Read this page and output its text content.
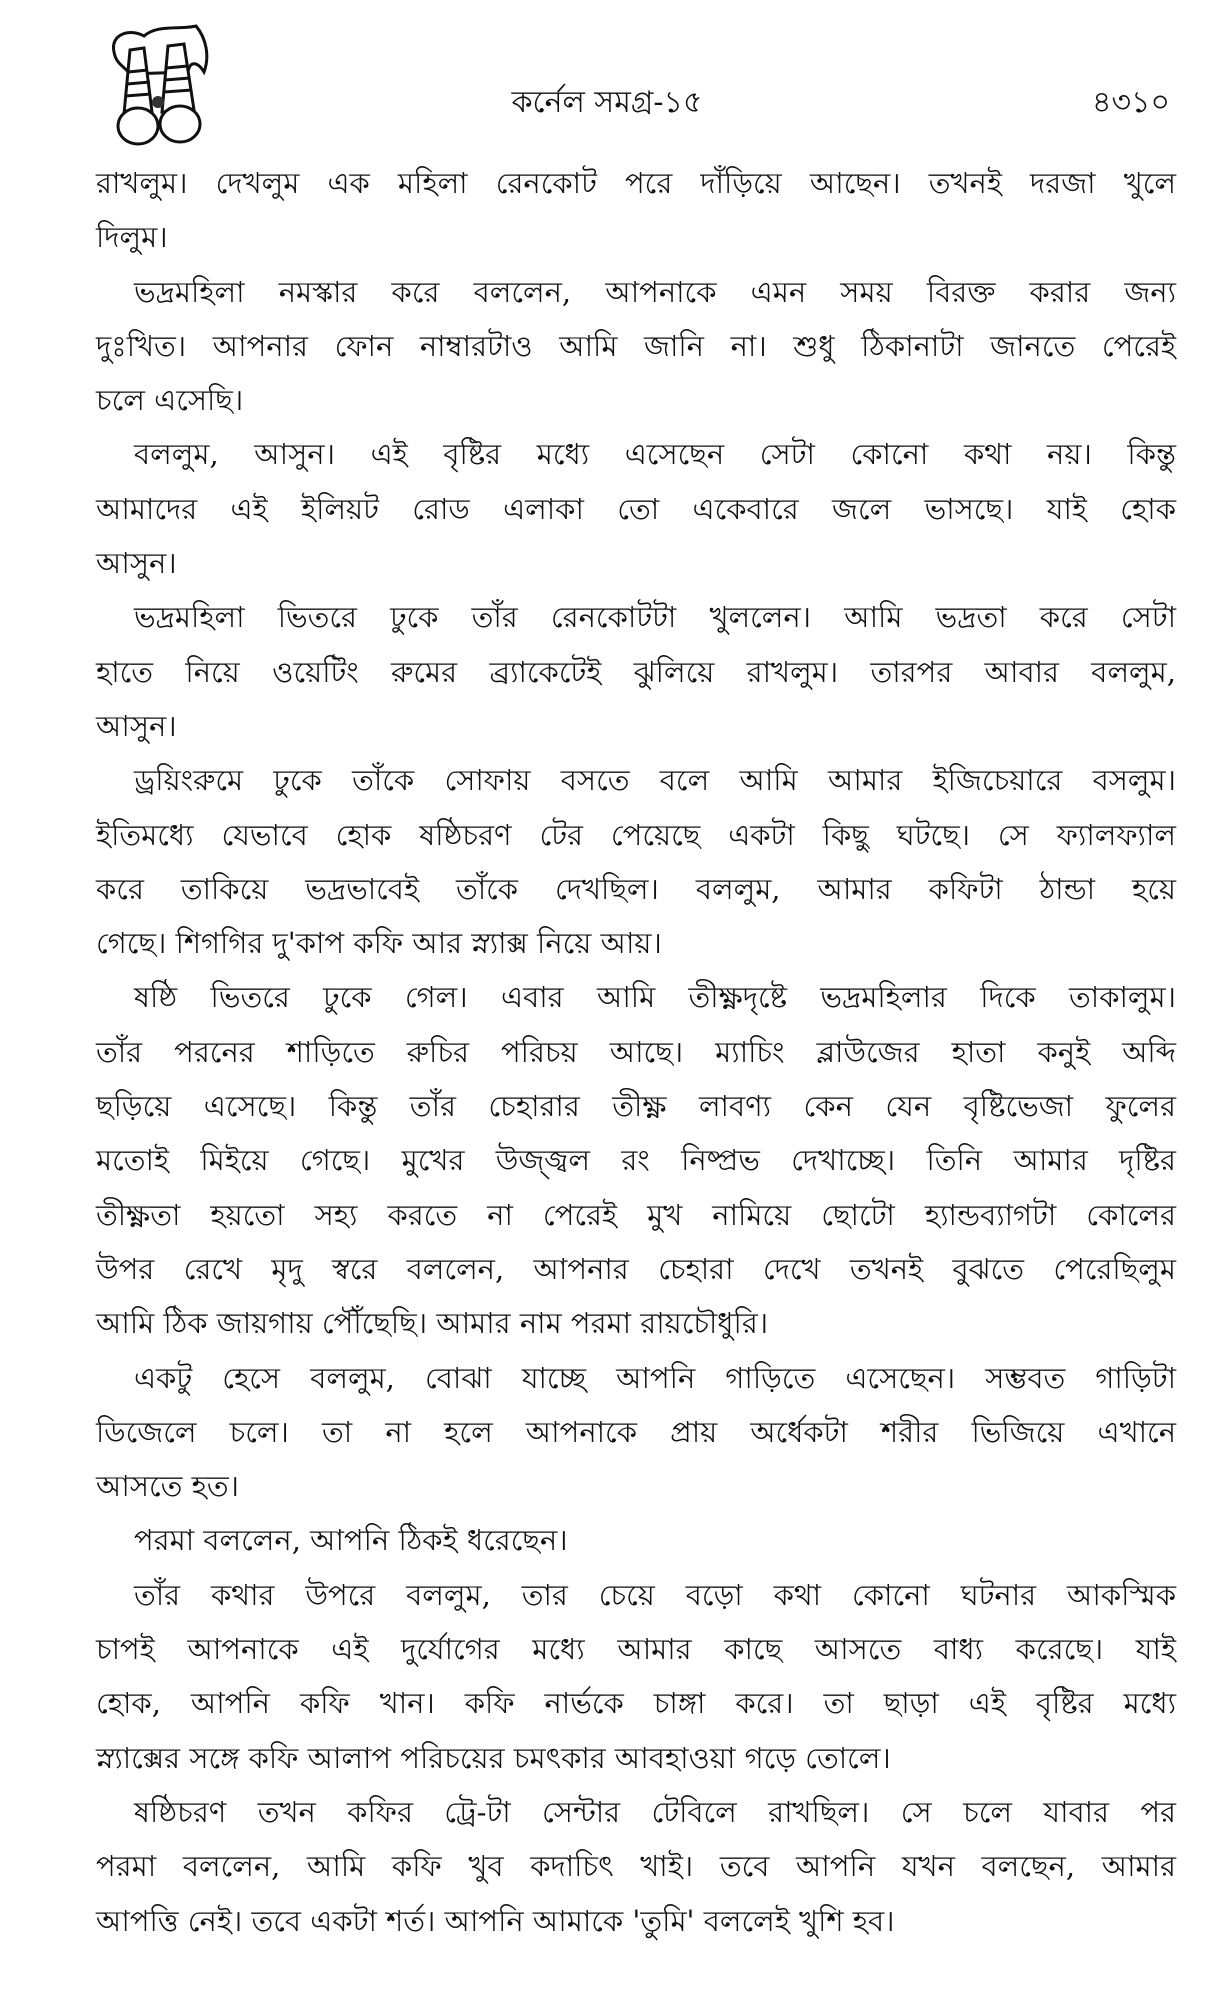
কর্নেল সমগ্র-১৫	৪৩১০
রাখলুম। দেখলুম এক মহিলা রেনকোট পরে দাঁড়িয়ে আছেন। তখনই দরজা খুলে
দিলুম।
ভদ্রমহিলা নমস্কার করে বললেন, আপনাকে এমন সময় বিরক্ত করার জন্য
দুঃখিত। আপনার ফোন নাম্বারটাও আমি জানি না। শুধু ঠিকানাটা জানতে পেরেই
চলে এসেছি।
বললুম, আসুন। এই বৃষ্টির মধ্যে এসেছেন সেটা কোনো কথা নয়। কিন্তু
আমাদের এই ইলিয়ট রোড এলাকা তো একেবারে জলে ভাসছে। যাই হোক
আসুন।
ভদ্রমহিলা ভিতরে ঢুকে তাঁর রেনকোটটা খুললেন। আমি ভদ্রতা করে সেটা
হাতে নিয়ে ওয়েটিং রুমের ব্র্যাকেটেই ঝুলিয়ে রাখলুম। তারপর আবার বললুম,
আসুন।
ড্রয়িংরুমে ঢুকে তাঁকে সোফায় বসতে বলে আমি আমার ইজিচেয়ারে বসলুম।
ইতিমধ্যে যেভাবে হোক ষষ্ঠিচরণ টের পেয়েছে একটা কিছু ঘটছে। সে ফ্যালফ্যাল
করে তাকিয়ে ভদ্রভাবেই তাঁকে দেখছিল। বললুম, আমার কফিটা ঠান্ডা হয়ে
গেছে। শিগগির দু'কাপ কফি আর স্ন্যাক্স নিয়ে আয়।
ষষ্ঠি ভিতরে ঢুকে গেল। এবার আমি তীক্ষ্ণদৃষ্টে ভদ্রমহিলার দিকে তাকালুম।
তাঁর পরনের শাড়িতে রুচির পরিচয় আছে। ম্যাচিং ব্লাউজের হাতা কনুই অব্দি
ছড়িয়ে এসেছে। কিন্তু তাঁর চেহারার তীক্ষ্ণ লাবণ্য কেন যেন বৃষ্টিভেজা ফুলের
মতোই মিইয়ে গেছে। মুখের উজ্জ্বল রং নিষ্প্রভ দেখাচ্ছে। তিনি আমার দৃষ্টির
তীক্ষ্ণতা হয়তো সহ্য করতে না পেরেই মুখ নামিয়ে ছোটো হ্যান্ডব্যাগটা কোলের
উপর রেখে মৃদু স্বরে বললেন, আপনার চেহারা দেখে তখনই বুঝতে পেরেছিলুম
আমি ঠিক জায়গায় পৌঁছেছি। আমার নাম পরমা রায়চৌধুরি।
একটু হেসে বললুম, বোঝা যাচ্ছে আপনি গাড়িতে এসেছেন। সম্ভবত গাড়িটা
ডিজেলে চলে। তা না হলে আপনাকে প্রায় অর্ধেকটা শরীর ভিজিয়ে এখানে
আসতে হত।
পরমা বললেন, আপনি ঠিকই ধরেছেন।
তাঁর কথার উপরে বললুম, তার চেয়ে বড়ো কথা কোনো ঘটনার আকস্মিক
চাপই আপনাকে এই দুর্যোগের মধ্যে আমার কাছে আসতে বাধ্য করেছে। যাই
হোক, আপনি কফি খান। কফি নার্ভকে চাঙ্গা করে। তা ছাড়া এই বৃষ্টির মধ্যে
স্ন্যাক্সের সঙ্গে কফি আলাপ পরিচয়ের চমৎকার আবহাওয়া গড়ে তোলে।
ষষ্ঠিচরণ তখন কফির ট্রে-টা সেন্টার টেবিলে রাখছিল। সে চলে যাবার পর
পরমা বললেন, আমি কফি খুব কদাচিৎ খাই। তবে আপনি যখন বলছেন, আমার
আপত্তি নেই। তবে একটা শর্ত। আপনি আমাকে 'তুমি' বললেই খুশি হব।
